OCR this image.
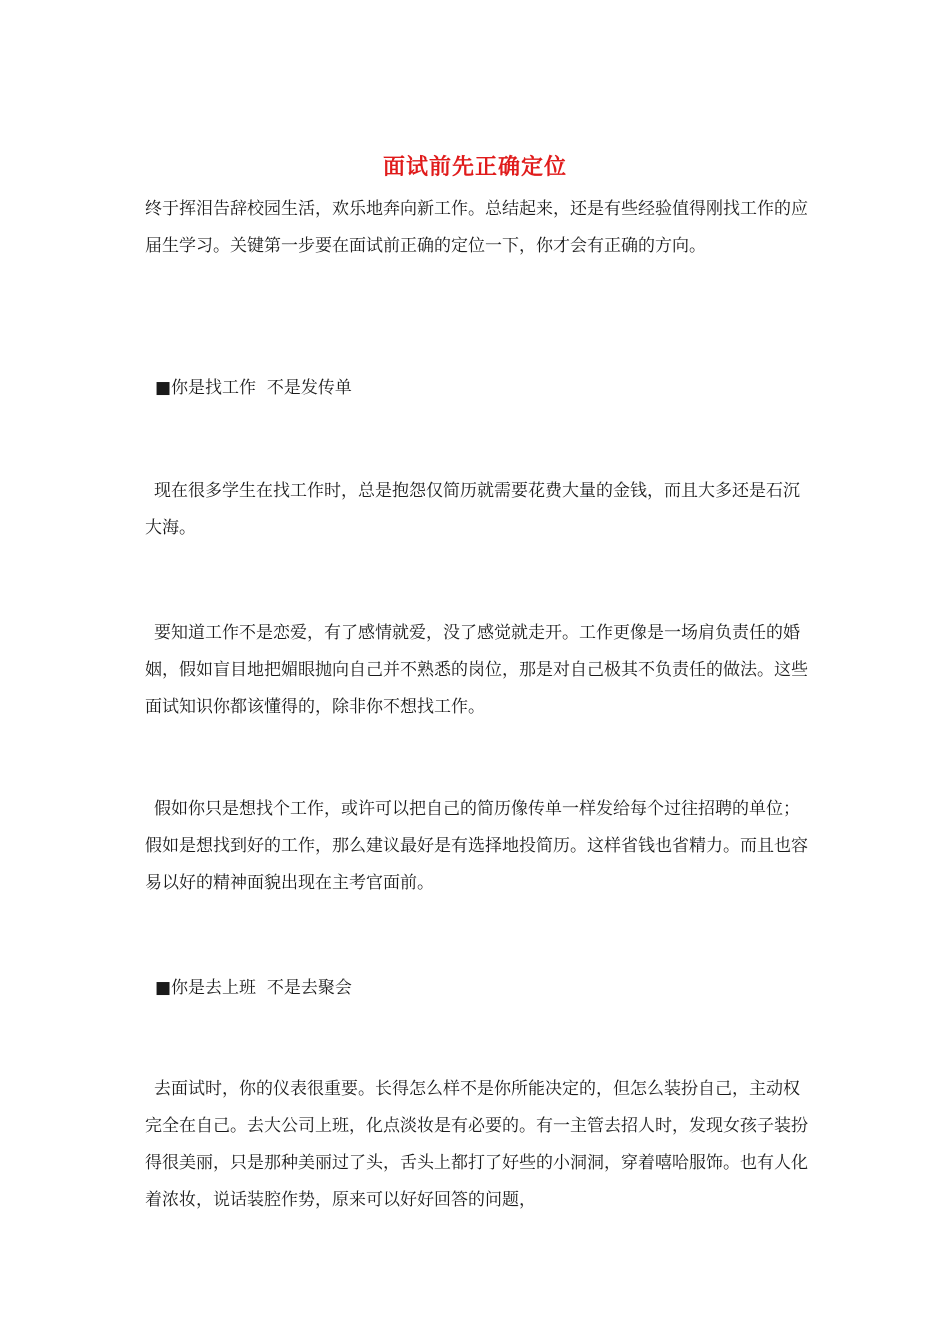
面试前先正确定位

终于挥泪告辞校园生活，欢乐地奔向新工作。总结起来，还是有些经验值得刚找工作的应届生学习。关键第一步要在面试前正确的定位一下，你才会有正确的方向。

■你是找工作  不是发传单

现在很多学生在找工作时，总是抱怨仅简历就需要花费大量的金钱，而且大多还是石沉大海。

要知道工作不是恋爱，有了感情就爱，没了感觉就走开。工作更像是一场肩负责任的婚姻，假如盲目地把媚眼抛向自己并不熟悉的岗位，那是对自己极其不负责任的做法。这些面试知识你都该懂得的，除非你不想找工作。

假如你只是想找个工作，或许可以把自己的简历像传单一样发给每个过往招聘的单位；假如是想找到好的工作，那么建议最好是有选择地投简历。这样省钱也省精力。而且也容易以好的精神面貌出现在主考官面前。

■你是去上班  不是去聚会

去面试时，你的仪表很重要。长得怎么样不是你所能决定的，但怎么装扮自己，主动权完全在自己。去大公司上班，化点淡妆是有必要的。有一主管去招人时，发现女孩子装扮得很美丽，只是那种美丽过了头，舌头上都打了好些的小洞洞，穿着嘻哈服饰。也有人化着浓妆，说话装腔作势，原来可以好好回答的问题，
